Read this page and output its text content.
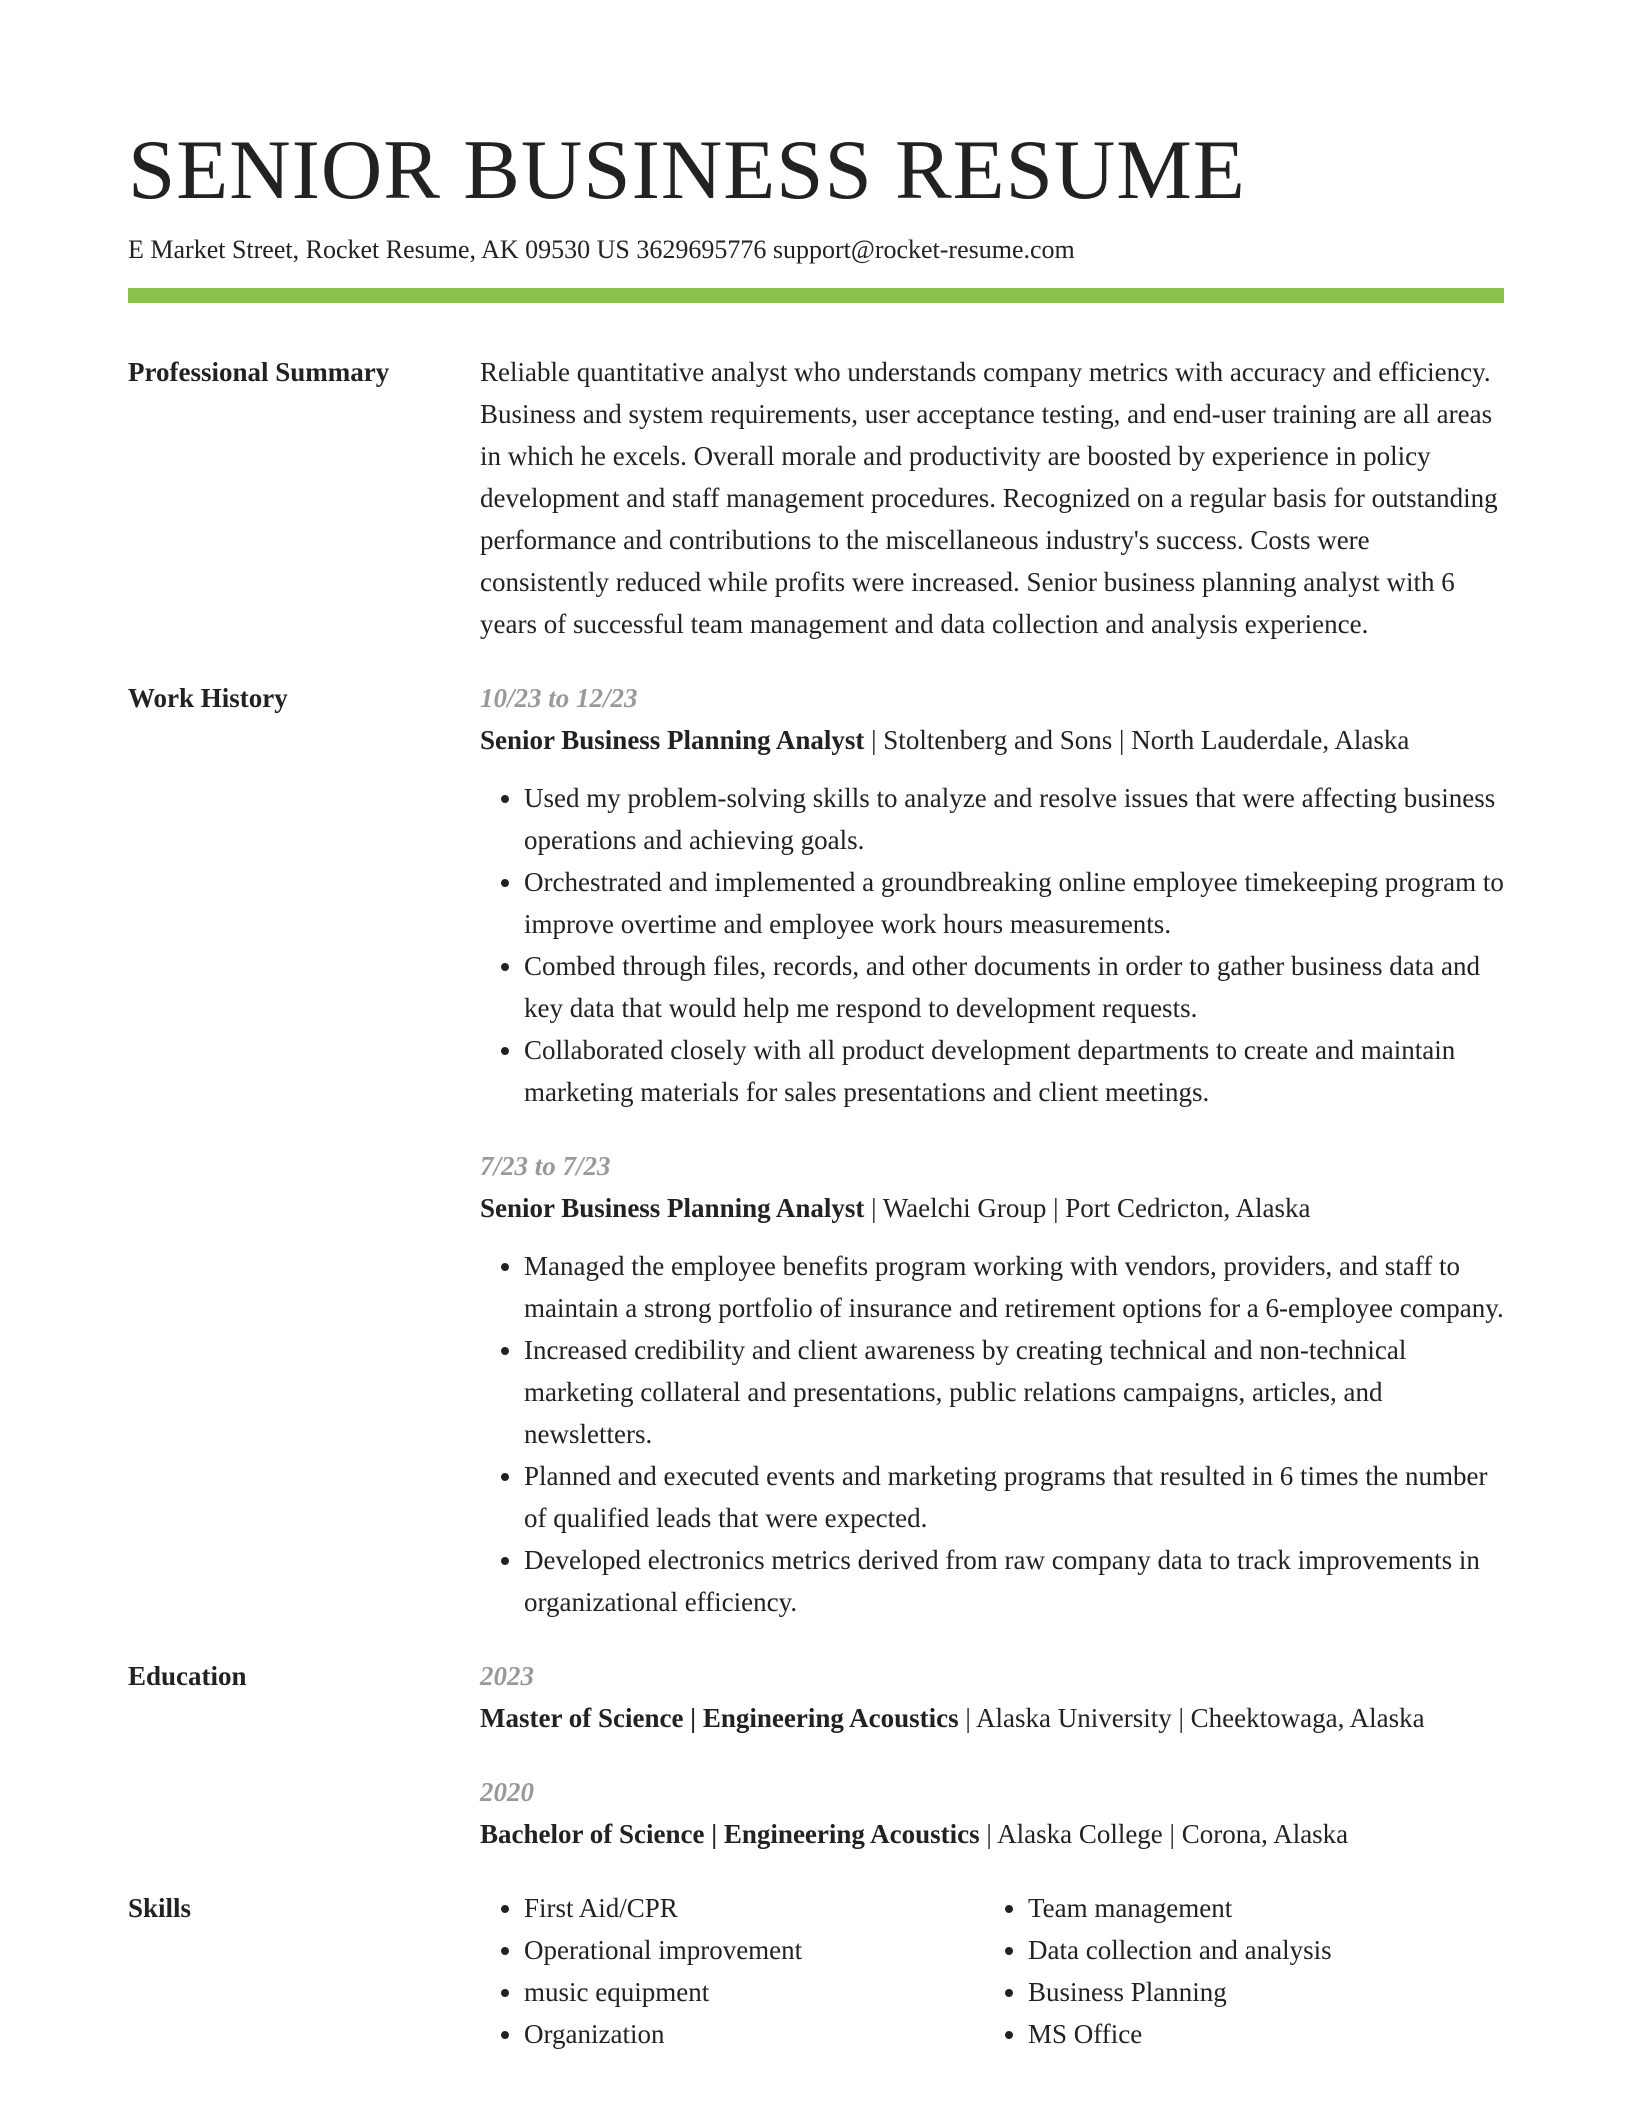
SENIOR BUSINESS RESUME
E Market Street, Rocket Resume, AK 09530 US 3629695776 support@rocket-resume.com
Professional Summary	Reliable quantitative analyst who understands company metrics with accuracy and efficiency. Business and system requirements, user acceptance testing, and end-user training are all areas in which he excels. Overall morale and productivity are boosted by experience in policy development and staff management procedures. Recognized on a regular basis for outstanding performance and contributions to the miscellaneous industry's success. Costs were consistently reduced while profits were increased. Senior business planning analyst with 6 years of successful team management and data collection and analysis experience.
Work History	10/23 to 12/23
Senior Business Planning Analyst | Stoltenberg and Sons | North Lauderdale, Alaska
• Used my problem-solving skills to analyze and resolve issues that were affecting business operations and achieving goals.
• Orchestrated and implemented a groundbreaking online employee timekeeping program to improve overtime and employee work hours measurements.
• Combed through files, records, and other documents in order to gather business data and key data that would help me respond to development requests.
• Collaborated closely with all product development departments to create and maintain marketing materials for sales presentations and client meetings.
7/23 to 7/23
Senior Business Planning Analyst | Waelchi Group | Port Cedricton, Alaska
• Managed the employee benefits program working with vendors, providers, and staff to maintain a strong portfolio of insurance and retirement options for a 6-employee company.
• Increased credibility and client awareness by creating technical and non-technical marketing collateral and presentations, public relations campaigns, articles, and newsletters.
• Planned and executed events and marketing programs that resulted in 6 times the number of qualified leads that were expected.
• Developed electronics metrics derived from raw company data to track improvements in organizational efficiency.
Education	2023
Master of Science | Engineering Acoustics | Alaska University | Cheektowaga, Alaska
2020
Bachelor of Science | Engineering Acoustics | Alaska College | Corona, Alaska
Skills
•	First Aid/CPR
• Operational improvement
• music equipment
• Organization
• Team management
• Data collection and analysis
• Business Planning
• MS Office
